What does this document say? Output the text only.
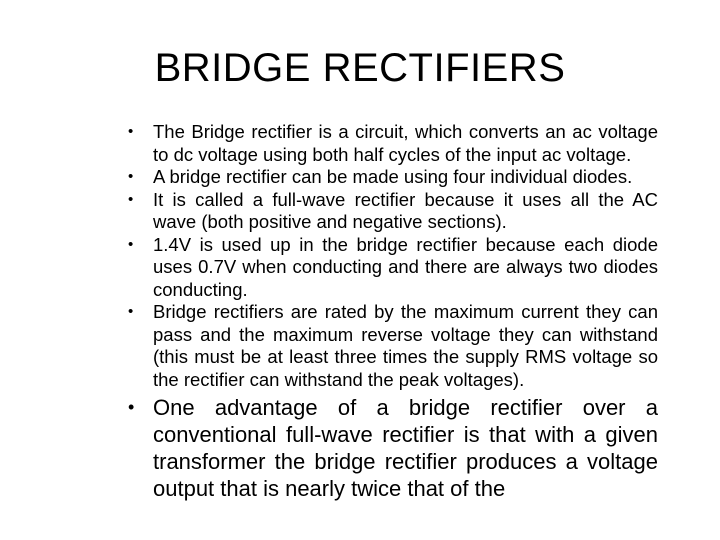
BRIDGE RECTIFIERS
• The Bridge rectifier is a circuit, which converts an ac voltage to dc voltage using both half cycles of the input ac voltage.
• A bridge rectifier can be made using four individual diodes.
• It is called a full-wave rectifier because it uses all the AC wave (both positive and negative sections).
• 1.4V is used up in the bridge rectifier because each diode uses 0.7V when conducting and there are always two diodes conducting.
• Bridge rectifiers are rated by the maximum current they can pass and the maximum reverse voltage they can withstand (this must be at least three times the supply RMS voltage so the rectifier can withstand the peak voltages).
• One advantage of a bridge rectifier over a conventional full-wave rectifier is that with a given transformer the bridge rectifier produces a voltage output that is nearly twice that of the
